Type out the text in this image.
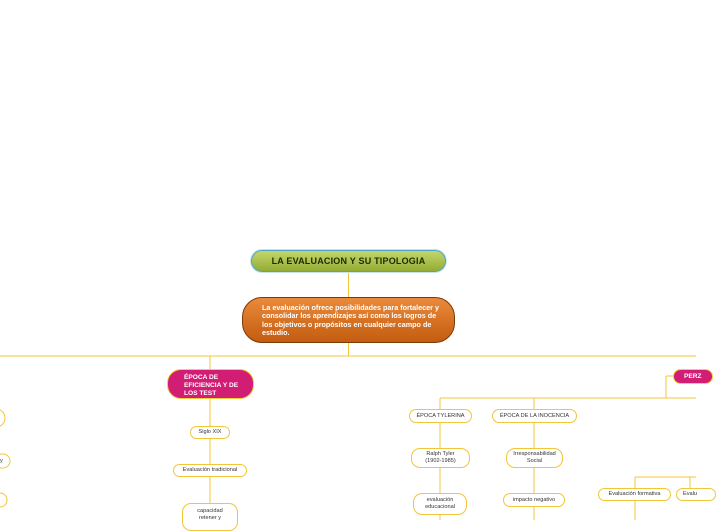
LA EVALUACION Y SU TIPOLOGIA
La evaluación ofrece posibilidades para fortalecer y consolidar los aprendizajes así como los logros de los objetivos o propósitos en cualquier campo de estudio.
ÉPOCA DE EFICIENCIA Y DE LOS TEST
PERZ
Siglo XIX
Evaluación tradicional
capacidad retener y
ÉPOCA TYLERINA	ÉPOCA DE LA INOCENCIA
Ralph Tyler (1902-1985)
evaluación educacional
Irresponsabilidad Social
impacto negativo
Evaluación formativa	Evalu
y
